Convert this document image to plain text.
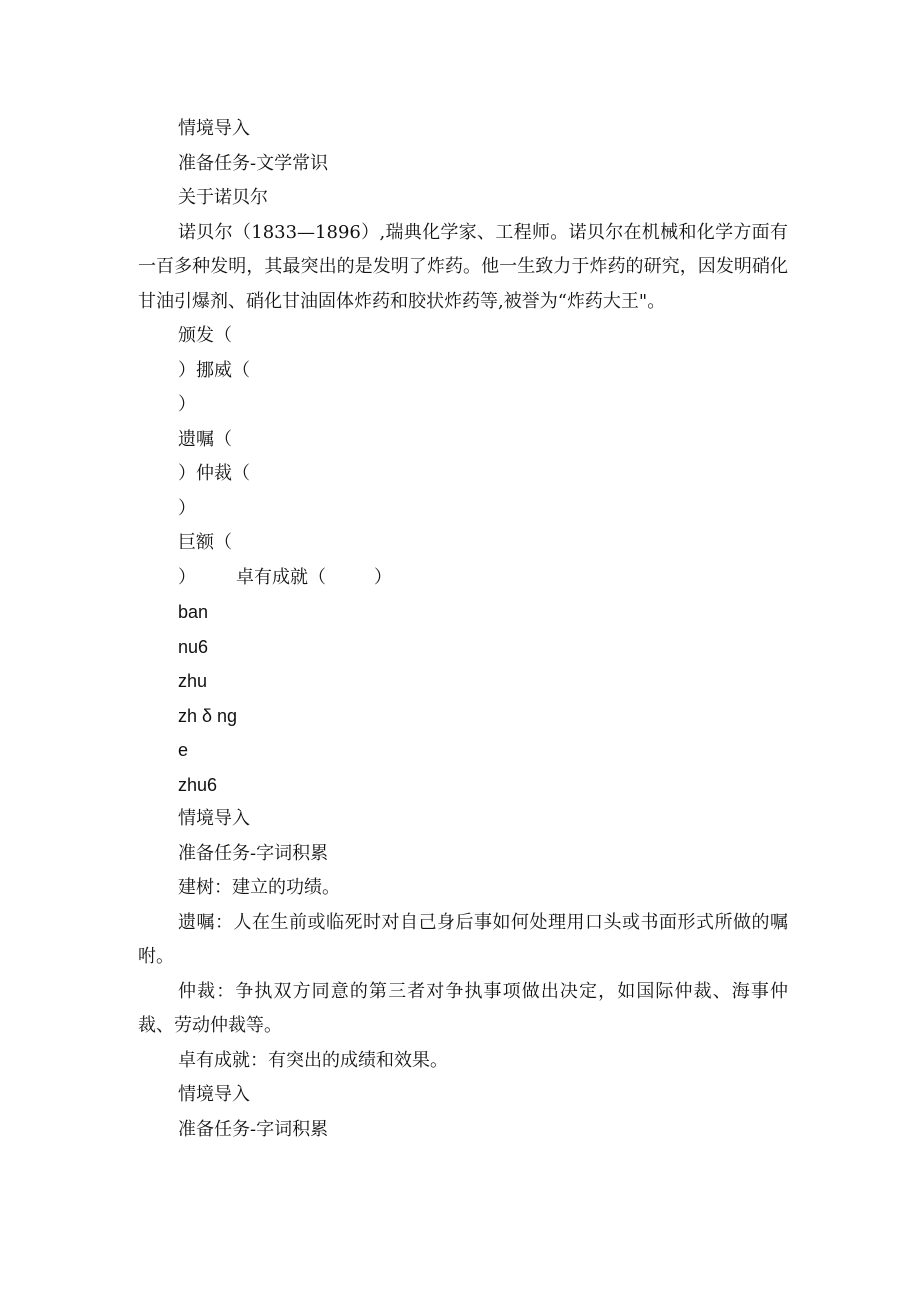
情境导入
准备任务-文学常识
关于诺贝尔

诺贝尔（1833—1896）,瑞典化学家、工程师。诺贝尔在机械和化学方面有一百多种发明，其最突出的是发明了炸药。他一生致力于炸药的研究，因发明硝化甘油引爆剂、硝化甘油固体炸药和胶状炸药等,被誉为“炸药大王"。

颁发（
）挪威（
）
遗嘱（
）仲裁（
）
巨额（
） 卓有成就（	）
ban
nu6
zhu
zh δ ng
e
zhu6
情境导入
准备任务-字词积累
建树：建立的功绩。

遗嘱：人在生前或临死时对自己身后事如何处理用口头或书面形式所做的嘱咐。

仲裁：争执双方同意的第三者对争执事项做出决定，如国际仲裁、海事仲裁、劳动仲裁等。

卓有成就：有突出的成绩和效果。
情境导入
准备任务-字词积累
